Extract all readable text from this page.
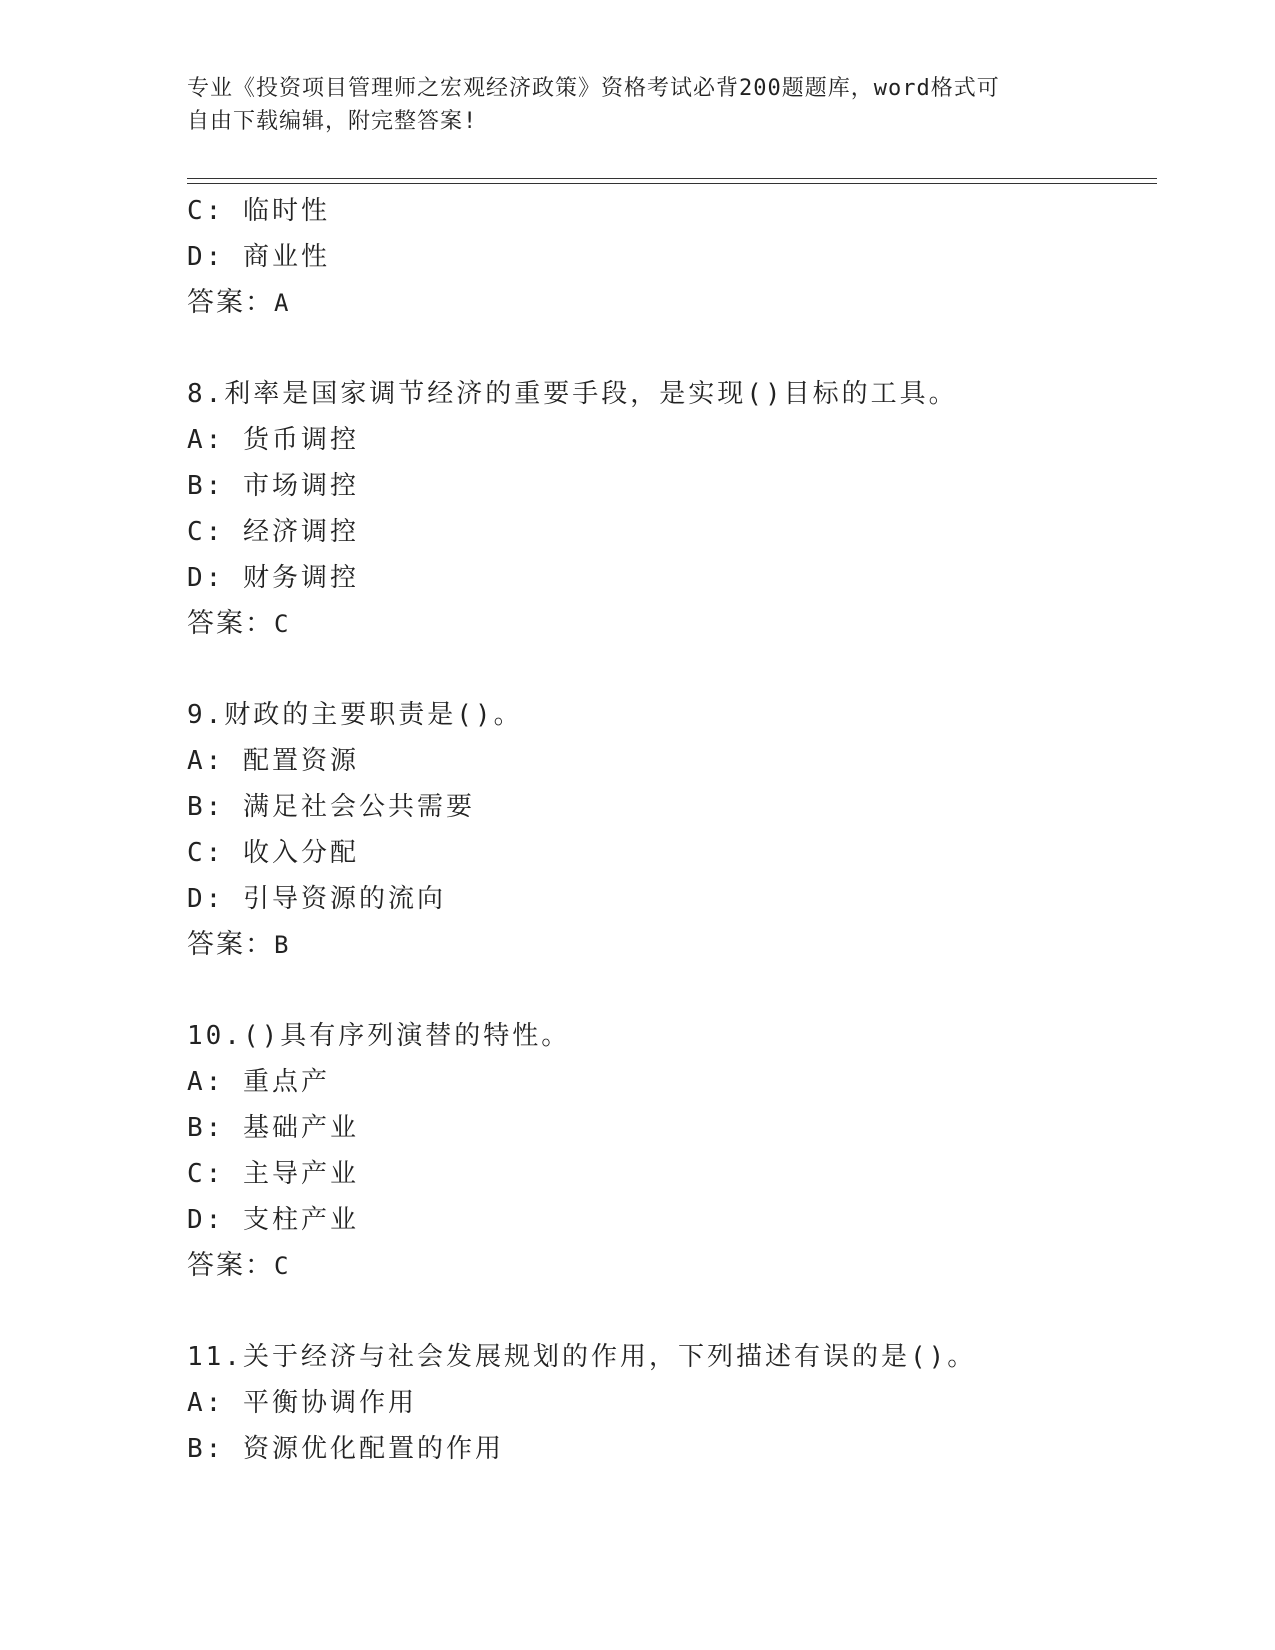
专业《投资项目管理师之宏观经济政策》资格考试必背200题题库，word格式可
自由下载编辑，附完整答案!
C: 临时性
D: 商业性
答案：A
8.利率是国家调节经济的重要手段，是实现()目标的工具。
A: 货币调控
B: 市场调控
C: 经济调控
D: 财务调控
答案：C
9.财政的主要职责是()。
A: 配置资源
B: 满足社会公共需要
C: 收入分配
D: 引导资源的流向
答案：B
10.()具有序列演替的特性。
A: 重点产
B: 基础产业
C: 主导产业
D: 支柱产业
答案：C
11.关于经济与社会发展规划的作用，下列描述有误的是()。
A: 平衡协调作用
B: 资源优化配置的作用
